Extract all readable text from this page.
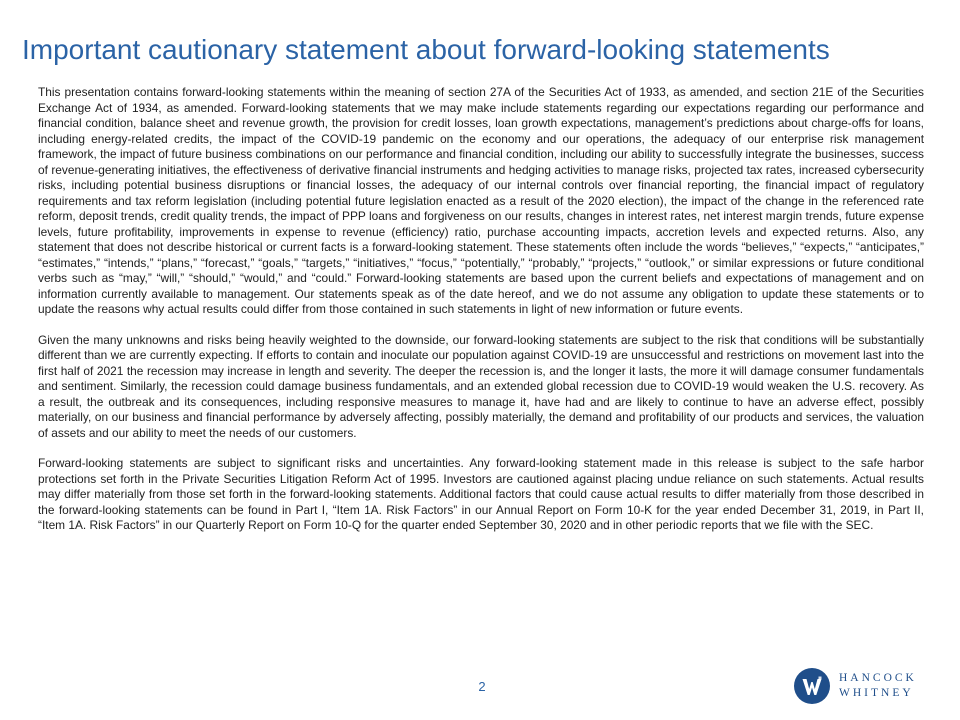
Important cautionary statement about forward-looking statements

This presentation contains forward-looking statements within the meaning of section 27A of the Securities Act of 1933, as amended, and section 21E of the Securities Exchange Act of 1934, as amended. Forward-looking statements that we may make include statements regarding our expectations regarding our performance and financial condition, balance sheet and revenue growth, the provision for credit losses, loan growth expectations, management’s predictions about charge-offs for loans, including energy-related credits, the impact of the COVID-19 pandemic on the economy and our operations, the adequacy of our enterprise risk management framework, the impact of future business combinations on our performance and financial condition, including our ability to successfully integrate the businesses, success of revenue-generating initiatives, the effectiveness of derivative financial instruments and hedging activities to manage risks, projected tax rates, increased cybersecurity risks, including potential business disruptions or financial losses, the adequacy of our internal controls over financial reporting, the financial impact of regulatory requirements and tax reform legislation (including potential future legislation enacted as a result of the 2020 election), the impact of the change in the referenced rate reform, deposit trends, credit quality trends, the impact of PPP loans and forgiveness on our results, changes in interest rates, net interest margin trends, future expense levels, future profitability, improvements in expense to revenue (efficiency) ratio, purchase accounting impacts, accretion levels and expected returns. Also, any statement that does not describe historical or current facts is a forward-looking statement. These statements often include the words “believes,” “expects,” “anticipates,” “estimates,” “intends,” “plans,” “forecast,” “goals,” “targets,” “initiatives,” “focus,” “potentially,” “probably,” “projects,” “outlook,” or similar expressions or future conditional verbs such as “may,” “will,” “should,” “would,” and “could.” Forward-looking statements are based upon the current beliefs and expectations of management and on information currently available to management. Our statements speak as of the date hereof, and we do not assume any obligation to update these statements or to update the reasons why actual results could differ from those contained in such statements in light of new information or future events.

Given the many unknowns and risks being heavily weighted to the downside, our forward-looking statements are subject to the risk that conditions will be substantially different than we are currently expecting. If efforts to contain and inoculate our population against COVID-19 are unsuccessful and restrictions on movement last into the first half of 2021 the recession may increase in length and severity. The deeper the recession is, and the longer it lasts, the more it will damage consumer fundamentals and sentiment. Similarly, the recession could damage business fundamentals, and an extended global recession due to COVID-19 would weaken the U.S. recovery. As a result, the outbreak and its consequences, including responsive measures to manage it, have had and are likely to continue to have an adverse effect, possibly materially, on our business and financial performance by adversely affecting, possibly materially, the demand and profitability of our products and services, the valuation of assets and our ability to meet the needs of our customers.

Forward-looking statements are subject to significant risks and uncertainties. Any forward-looking statement made in this release is subject to the safe harbor protections set forth in the Private Securities Litigation Reform Act of 1995. Investors are cautioned against placing undue reliance on such statements. Actual results may differ materially from those set forth in the forward-looking statements. Additional factors that could cause actual results to differ materially from those described in the forward-looking statements can be found in Part I, “Item 1A. Risk Factors” in our Annual Report on Form 10-K for the year ended December 31, 2019, in Part II, “Item 1A. Risk Factors” in our Quarterly Report on Form 10-Q for the quarter ended September 30, 2020 and in other periodic reports that we file with the SEC.

2
HANCOCK
WHITNEY
